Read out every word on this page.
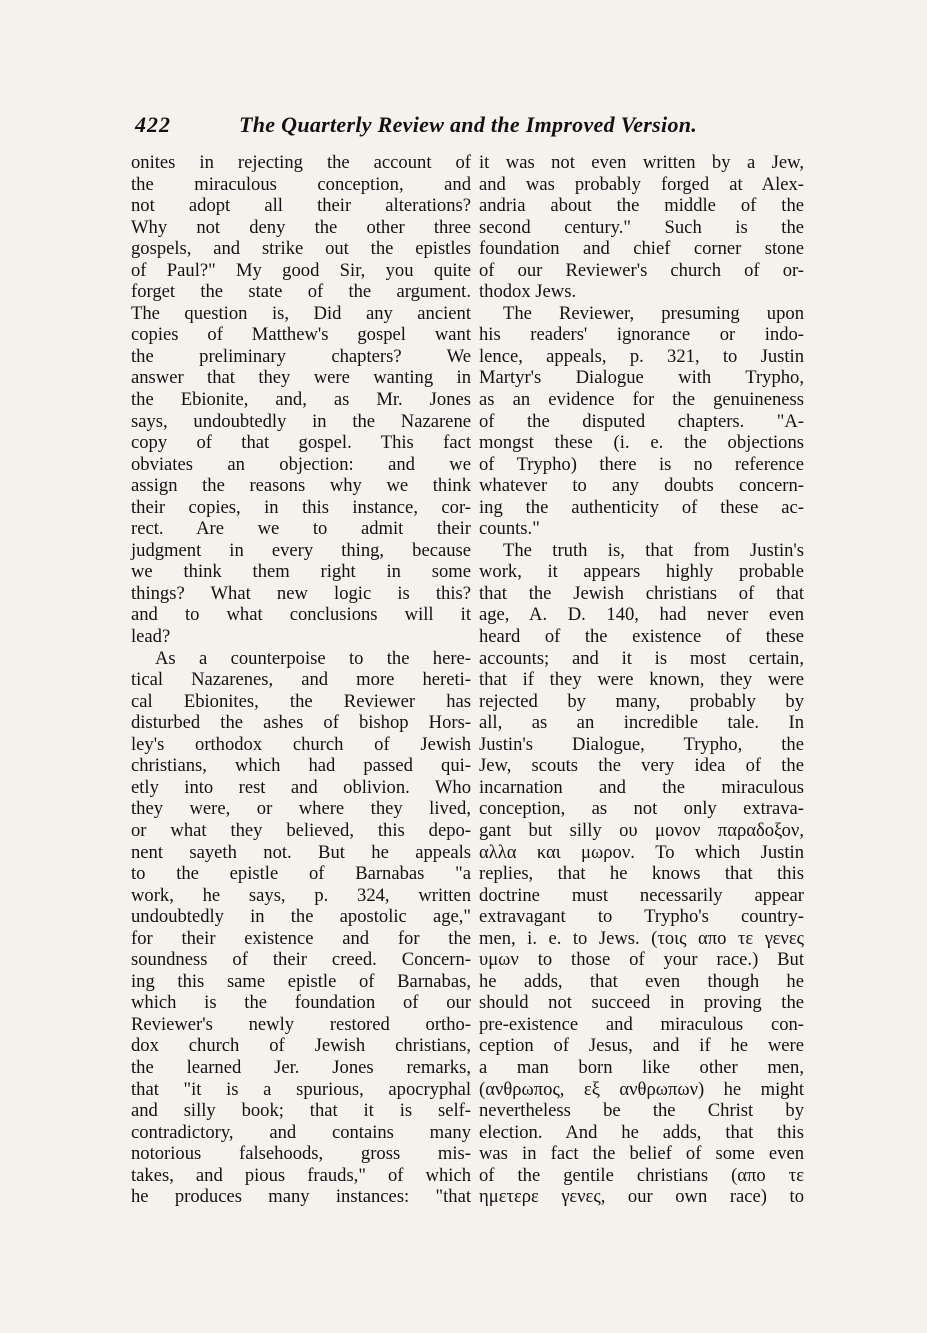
422	The Quarterly Review and the Improved Version.
onites in rejecting the account of
the miraculous conception, and
not adopt all their alterations?
Why not deny the other three
gospels, and strike out the epistles
of Paul?" My good Sir, you quite
forget the state of the argument.
The question is, Did any ancient
copies of Matthew's gospel want
the preliminary chapters? We
answer that they were wanting in
the Ebionite, and, as Mr. Jones
says, undoubtedly in the Nazarene
copy of that gospel. This fact
obviates an objection: and we
assign the reasons why we think
their copies, in this instance, cor-
rect. Are we to admit their
judgment in every thing, because
we think them right in some
things? What new logic is this?
and to what conclusions will it
lead?
As a counterpoise to the here-
tical Nazarenes, and more hereti-
cal Ebionites, the Reviewer has
disturbed the ashes of bishop Hors-
ley's orthodox church of Jewish
christians, which had passed qui-
etly into rest and oblivion. Who
they were, or where they lived,
or what they believed, this depo-
nent sayeth not. But he appeals
to the epistle of Barnabas "a
work, he says, p. 324, written
undoubtedly in the apostolic age,"
for their existence and for the
soundness of their creed. Concern-
ing this same epistle of Barnabas,
which is the foundation of our
Reviewer's newly restored ortho-
dox church of Jewish christians,
the learned Jer. Jones remarks,
that "it is a spurious, apocryphal
and silly book; that it is self-
contradictory, and contains many
notorious falsehoods, gross mis-
takes, and pious frauds," of which
he produces many instances: "that
it was not even written by a Jew,
and was probably forged at Alex-
andria about the middle of the
second century." Such is the
foundation and chief corner stone
of our Reviewer's church of or-
thodox Jews.
The Reviewer, presuming upon
his readers' ignorance or indo-
lence, appeals, p. 321, to Justin
Martyr's Dialogue with Trypho,
as an evidence for the genuineness
of the disputed chapters. "A-
mongst these (i. e. the objections
of Trypho) there is no reference
whatever to any doubts concern-
ing the authenticity of these ac-
counts."
The truth is, that from Justin's
work, it appears highly probable
that the Jewish christians of that
age, A. D. 140, had never even
heard of the existence of these
accounts; and it is most certain,
that if they were known, they were
rejected by many, probably by
all, as an incredible tale. In
Justin's Dialogue, Trypho, the
Jew, scouts the very idea of the
incarnation and the miraculous
conception, as not only extrava-
gant but silly ου μονον παραδοξον,
αλλα και μωρον. To which Justin
replies, that he knows that this
doctrine must necessarily appear
extravagant to Trypho's country-
men, i. e. to Jews. (τοις απο τε γενες
υμων to those of your race.) But
he adds, that even though he
should not succeed in proving the
pre-existence and miraculous con-
ception of Jesus, and if he were
a man born like other men,
(ανθρωπος, εξ ανθρωπων) he might
nevertheless be the Christ by
election. And he adds, that this
was in fact the belief of some even
of the gentile christians (απο τε
ημετερε γενες, our own race) to
